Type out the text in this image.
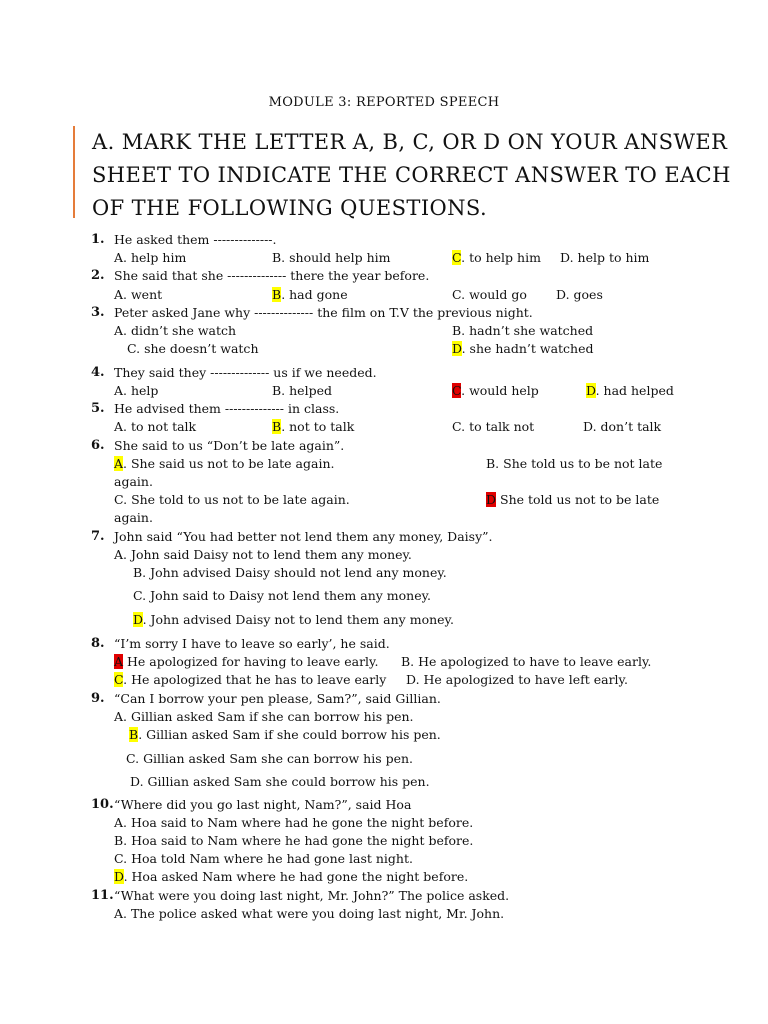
MODULE 3: REPORTED SPEECH
A. MARK THE LETTER A, B, C, OR D ON YOUR ANSWER SHEET TO INDICATE THE CORRECT ANSWER TO EACH OF THE FOLLOWING QUESTIONS.
1. He asked them --------------.
A. help him	B. should help him	C. to help him D. help to him
2. She said that she -------------- there the year before.
A. went	B. had gone	C. would go D. goes
3. Peter asked Jane why -------------- the film on T.V the previous night.
A. didn’t she watch	B. hadn’t she watched
C. she doesn’t watch	D. she hadn’t watched
4. They said they -------------- us if we needed.
A. help	B. helped	C. would help	D. had helped
5. He advised them -------------- in class.
A. to not talk	B. not to talk	C. to talk not	D. don’t talk
6. She said to us “Don’t be late again”.
A. She said us not to be late again.	B. She told us to be not late
again.
C. She told to us not to be late again.	D She told us not to be late
again.
7. John said “You had better not lend them any money, Daisy”.
A. John said Daisy not to lend them any money.
B. John advised Daisy should not lend any money.
C. John said to Daisy not lend them any money.
D. John advised Daisy not to lend them any money.
8. “I’m sorry I have to leave so early’, he said.
A He apologized for having to leave early. B. He apologized to have to leave early.
C. He apologized that he has to leave early D. He apologized to have left early.
9. “Can I borrow your pen please, Sam?”, said Gillian.
A. Gillian asked Sam if she can borrow his pen.
B. Gillian asked Sam if she could borrow his pen.
C. Gillian asked Sam she can borrow his pen.
D. Gillian asked Sam she could borrow his pen.
10. “Where did you go last night, Nam?”, said Hoa
A. Hoa said to Nam where had he gone the night before.
B. Hoa said to Nam where he had gone the night before.
C. Hoa told Nam where he had gone last night.
D. Hoa asked Nam where he had gone the night before.
11. “What were you doing last night, Mr. John?” The police asked.
A. The police asked what were you doing last night, Mr. John.
